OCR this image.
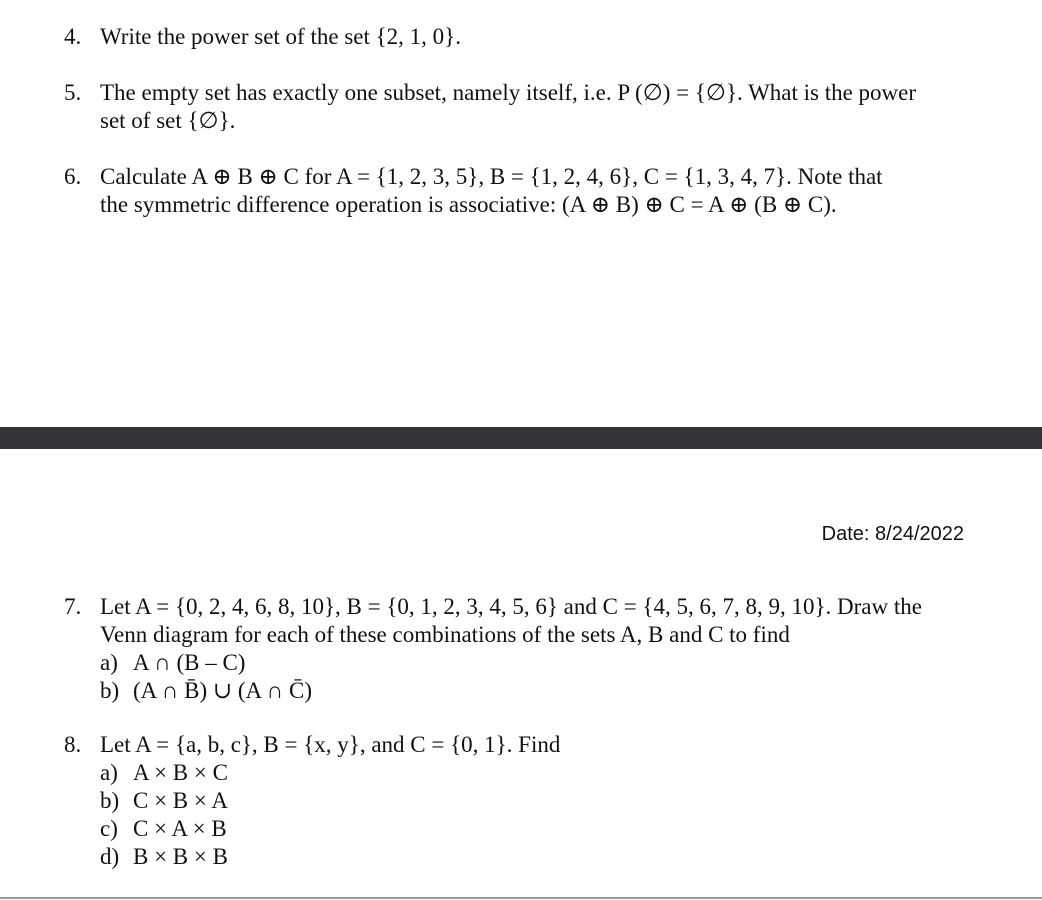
4. Write the power set of the set {2, 1, 0}.
5. The empty set has exactly one subset, namely itself, i.e. P (∅) = {∅}. What is the power
set of set {∅}.
6. Calculate A ⊕ B ⊕ C for A = {1, 2, 3, 5}, B = {1, 2, 4, 6}, C = {1, 3, 4, 7}. Note that
the symmetric difference operation is associative: (A ⊕ B) ⊕ C = A ⊕ (B ⊕ C).
Date: 8/24/2022
7. Let A = {0, 2, 4, 6, 8, 10}, B = {0, 1, 2, 3, 4, 5, 6} and C = {4, 5, 6, 7, 8, 9, 10}. Draw the
Venn diagram for each of these combinations of the sets A, B and C to find
a) A ∩ (B – C)
b) (A ∩ B̄) ∪ (A ∩ C̄)
8. Let A = {a, b, c}, B = {x, y}, and C = {0, 1}. Find
a) A × B × C
b) C × B × A
c) C × A × B
d) B × B × B
